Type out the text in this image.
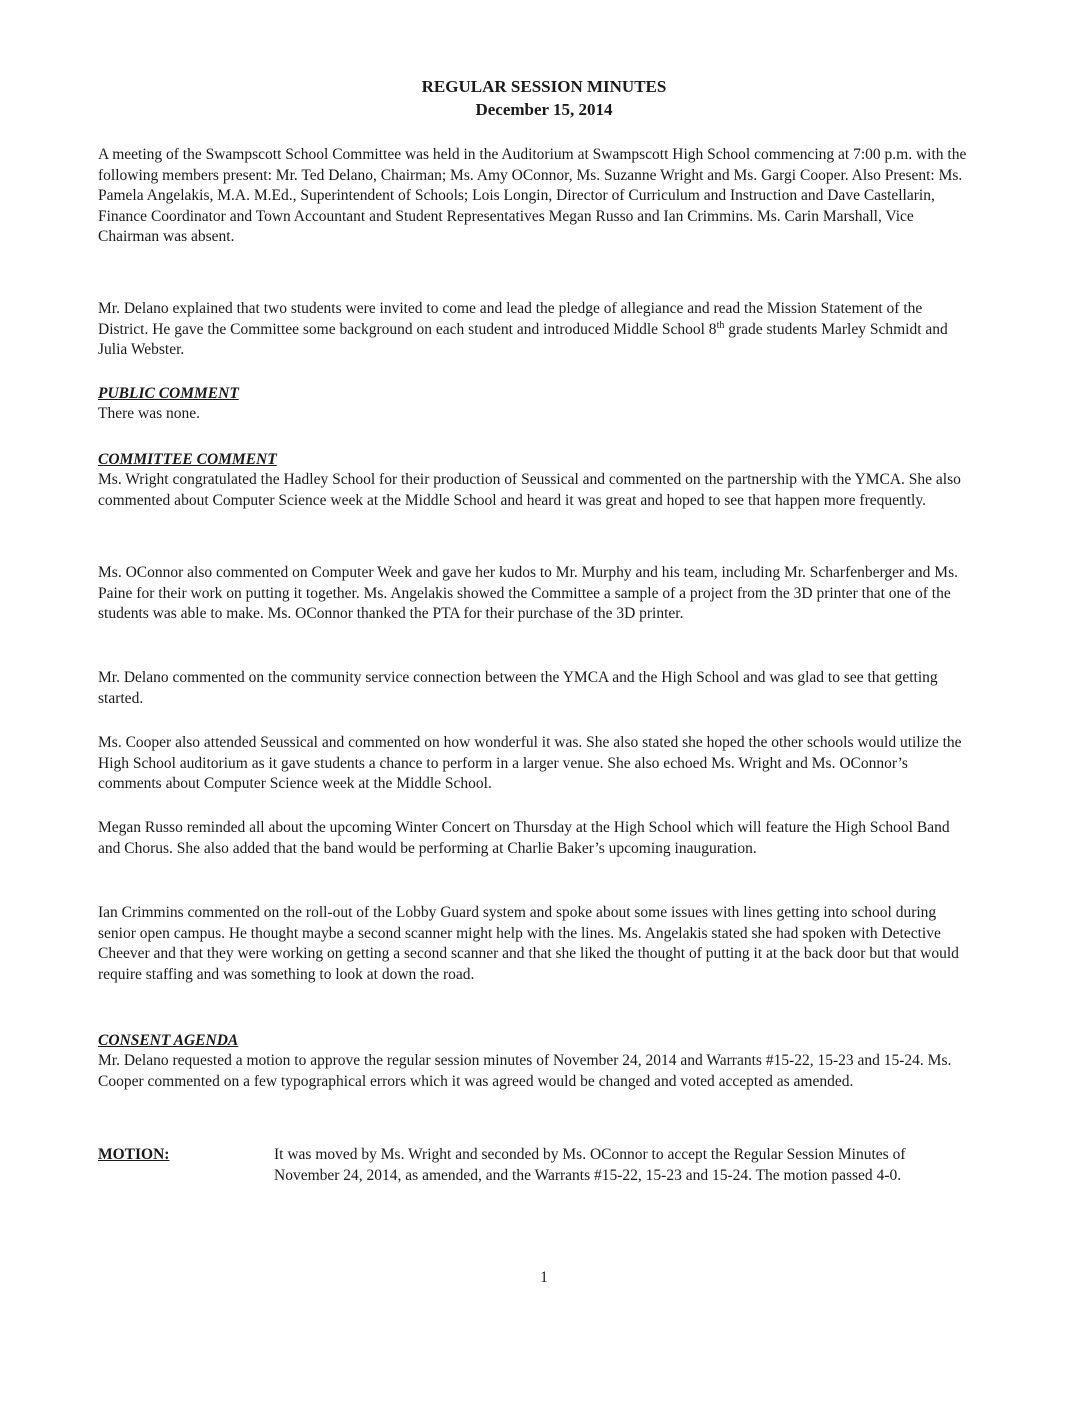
REGULAR SESSION MINUTES
December 15, 2014

A meeting of the Swampscott School Committee was held in the Auditorium at Swampscott High School commencing at 7:00 p.m. with the following members present: Mr. Ted Delano, Chairman; Ms. Amy OConnor, Ms. Suzanne Wright and Ms. Gargi Cooper. Also Present: Ms. Pamela Angelakis, M.A. M.Ed., Superintendent of Schools; Lois Longin, Director of Curriculum and Instruction and Dave Castellarin, Finance Coordinator and Town Accountant and Student Representatives Megan Russo and Ian Crimmins. Ms. Carin Marshall, Vice Chairman was absent.

Mr. Delano explained that two students were invited to come and lead the pledge of allegiance and read the Mission Statement of the District. He gave the Committee some background on each student and introduced Middle School 8th grade students Marley Schmidt and Julia Webster.

PUBLIC COMMENT

There was none.

COMMITTEE COMMENT

Ms. Wright congratulated the Hadley School for their production of Seussical and commented on the partnership with the YMCA. She also commented about Computer Science week at the Middle School and heard it was great and hoped to see that happen more frequently.

Ms. OConnor also commented on Computer Week and gave her kudos to Mr. Murphy and his team, including Mr. Scharfenberger and Ms. Paine for their work on putting it together. Ms. Angelakis showed the Committee a sample of a project from the 3D printer that one of the students was able to make. Ms. OConnor thanked the PTA for their purchase of the 3D printer.

Mr. Delano commented on the community service connection between the YMCA and the High School and was glad to see that getting started.

Ms. Cooper also attended Seussical and commented on how wonderful it was. She also stated she hoped the other schools would utilize the High School auditorium as it gave students a chance to perform in a larger venue. She also echoed Ms. Wright and Ms. OConnor’s comments about Computer Science week at the Middle School.

Megan Russo reminded all about the upcoming Winter Concert on Thursday at the High School which will feature the High School Band and Chorus. She also added that the band would be performing at Charlie Baker’s upcoming inauguration.

Ian Crimmins commented on the roll-out of the Lobby Guard system and spoke about some issues with lines getting into school during senior open campus. He thought maybe a second scanner might help with the lines. Ms. Angelakis stated she had spoken with Detective Cheever and that they were working on getting a second scanner and that she liked the thought of putting it at the back door but that would require staffing and was something to look at down the road.

CONSENT AGENDA

Mr. Delano requested a motion to approve the regular session minutes of November 24, 2014 and Warrants #15-22, 15-23 and 15-24. Ms. Cooper commented on a few typographical errors which it was agreed would be changed and voted accepted as amended.

MOTION:	It was moved by Ms. Wright and seconded by Ms. OConnor to accept the Regular Session Minutes of November 24, 2014, as amended, and the Warrants #15-22, 15-23 and 15-24. The motion passed 4-0.

1
